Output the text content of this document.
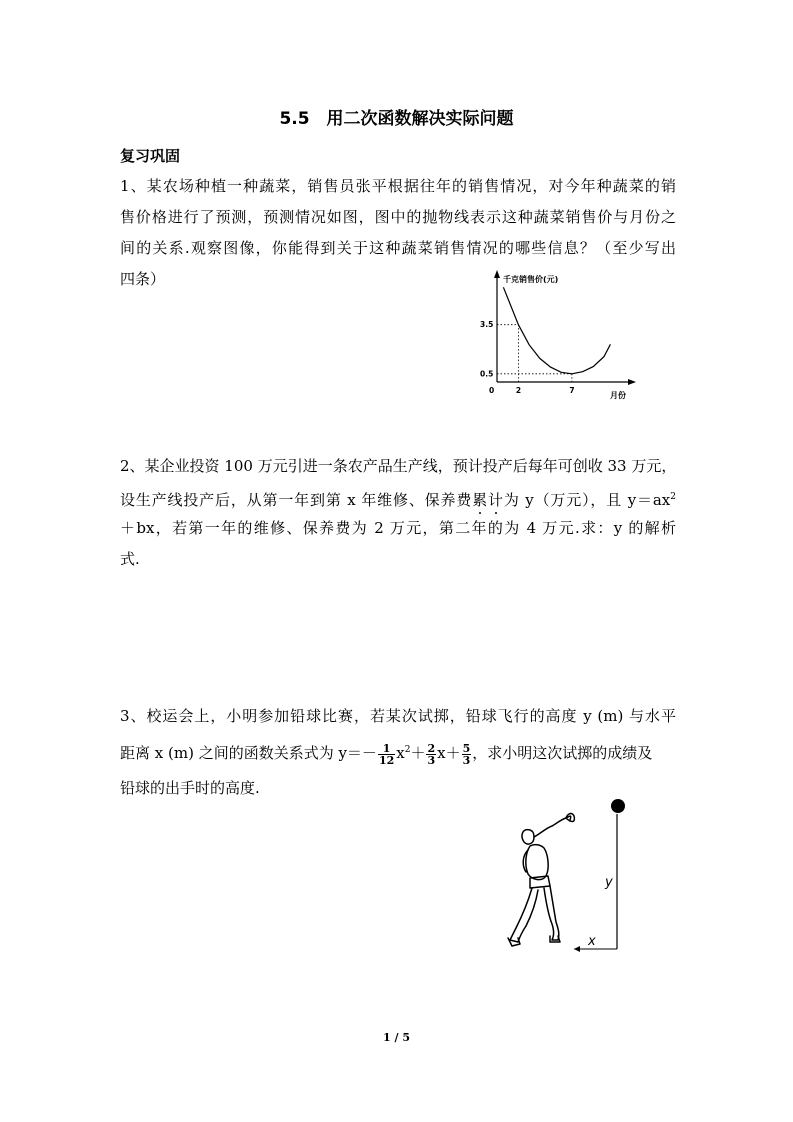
5.5　用二次函数解决实际问题
复习巩固
1、某农场种植一种蔬菜，销售员张平根据往年的销售情况，对今年种蔬菜的销
售价格进行了预测，预测情况如图，图中的抛物线表示这种蔬菜销售价与月份之
间的关系.观察图像，你能得到关于这种蔬菜销售情况的哪些信息？（至少写出
四条）	千克销售价(元)
月份
0	2	7
0.5
3.5
2、某企业投资 100 万元引进一条农产品生产线，预计投产后每年可创收 33 万元，
设生产线投产后，从第一年到第 x 年维修、保养费累计为 y（万元），且 $y=ax^2$
＋bx，若第一年的维修、保养费为 2 万元，第二年的为 4 万元.求：y 的解析
式.
3、校运会上，小明参加铅球比赛，若某次试掷，铅球飞行的高度 y (m) 与水平
距离 x (m) 之间的函数关系式为 $y=- \frac{1}{12} x^2+ \frac{2}{3} x+ \frac{5}{3}$ ，求小明这次试掷的成绩及
铅球的出手时的高度.
x
y
1 / 5
